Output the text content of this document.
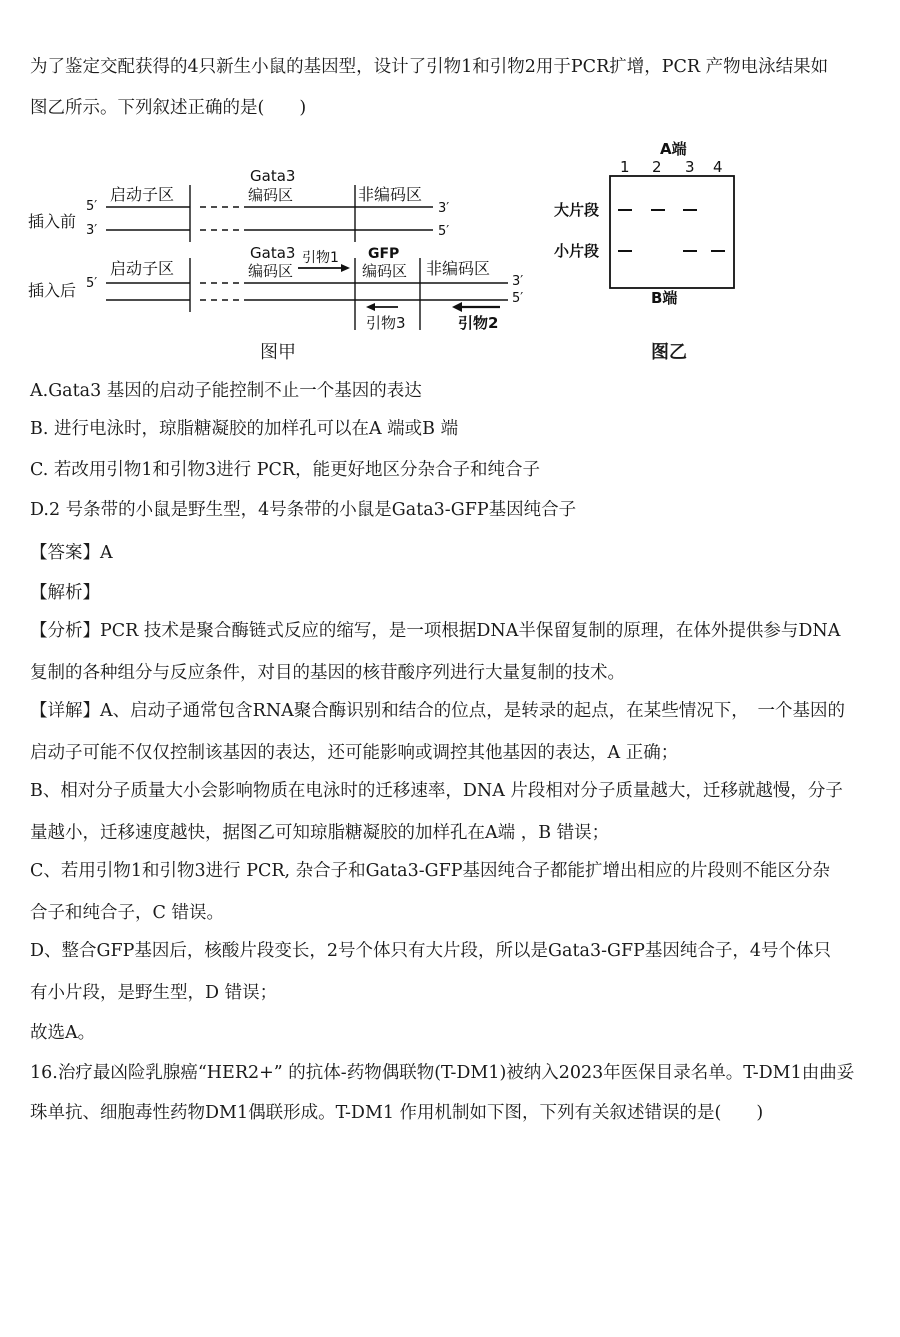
为了鉴定交配获得的4只新生小鼠的基因型，设计了引物1和引物2用于PCR扩增，PCR 产物电泳结果如
图乙所示。下列叙述正确的是(　　)
插入前
插入后
5′
3′
3′
5′
5′	3′
5′
启动子区
Gata3
编码区	非编码区
启动子区
Gata3
编码区
引物1 GFP
编码区 非编码区
引物3	引物2
图甲
A端
B端
1 2 3 4
大片段
小片段
图乙
A.Gata3 基因的启动子能控制不止一个基因的表达
B. 进行电泳时，琼脂糖凝胶的加样孔可以在A 端或B 端
C. 若改用引物1和引物3进行 PCR，能更好地区分杂合子和纯合子
D.2 号条带的小鼠是野生型，4号条带的小鼠是Gata3-GFP基因纯合子
【答案】A
【解析】
【分析】PCR 技术是聚合酶链式反应的缩写，是一项根据DNA半保留复制的原理，在体外提供参与DNA
复制的各种组分与反应条件，对目的基因的核苷酸序列进行大量复制的技术。
【详解】A、启动子通常包含RNA聚合酶识别和结合的位点，是转录的起点，在某些情况下，　一个基因的
启动子可能不仅仅控制该基因的表达，还可能影响或调控其他基因的表达，A 正确；
B、相对分子质量大小会影响物质在电泳时的迁移速率，DNA 片段相对分子质量越大，迁移就越慢，分子
量越小，迁移速度越快，据图乙可知琼脂糖凝胶的加样孔在A端 ，B 错误；
C、若用引物1和引物3进行 PCR, 杂合子和Gata3-GFP基因纯合子都能扩增出相应的片段则不能区分杂
合子和纯合子，C 错误。
D、整合GFP基因后，核酸片段变长，2号个体只有大片段，所以是Gata3-GFP基因纯合子，4号个体只
有小片段，是野生型，D 错误；
故选A。
16.治疗最凶险乳腺癌“HER2+” 的抗体-药物偶联物(T-DM1)被纳入2023年医保目录名单。T-DM1由曲妥
珠单抗、细胞毒性药物DM1偶联形成。T-DM1 作用机制如下图，下列有关叙述错误的是(　　)
